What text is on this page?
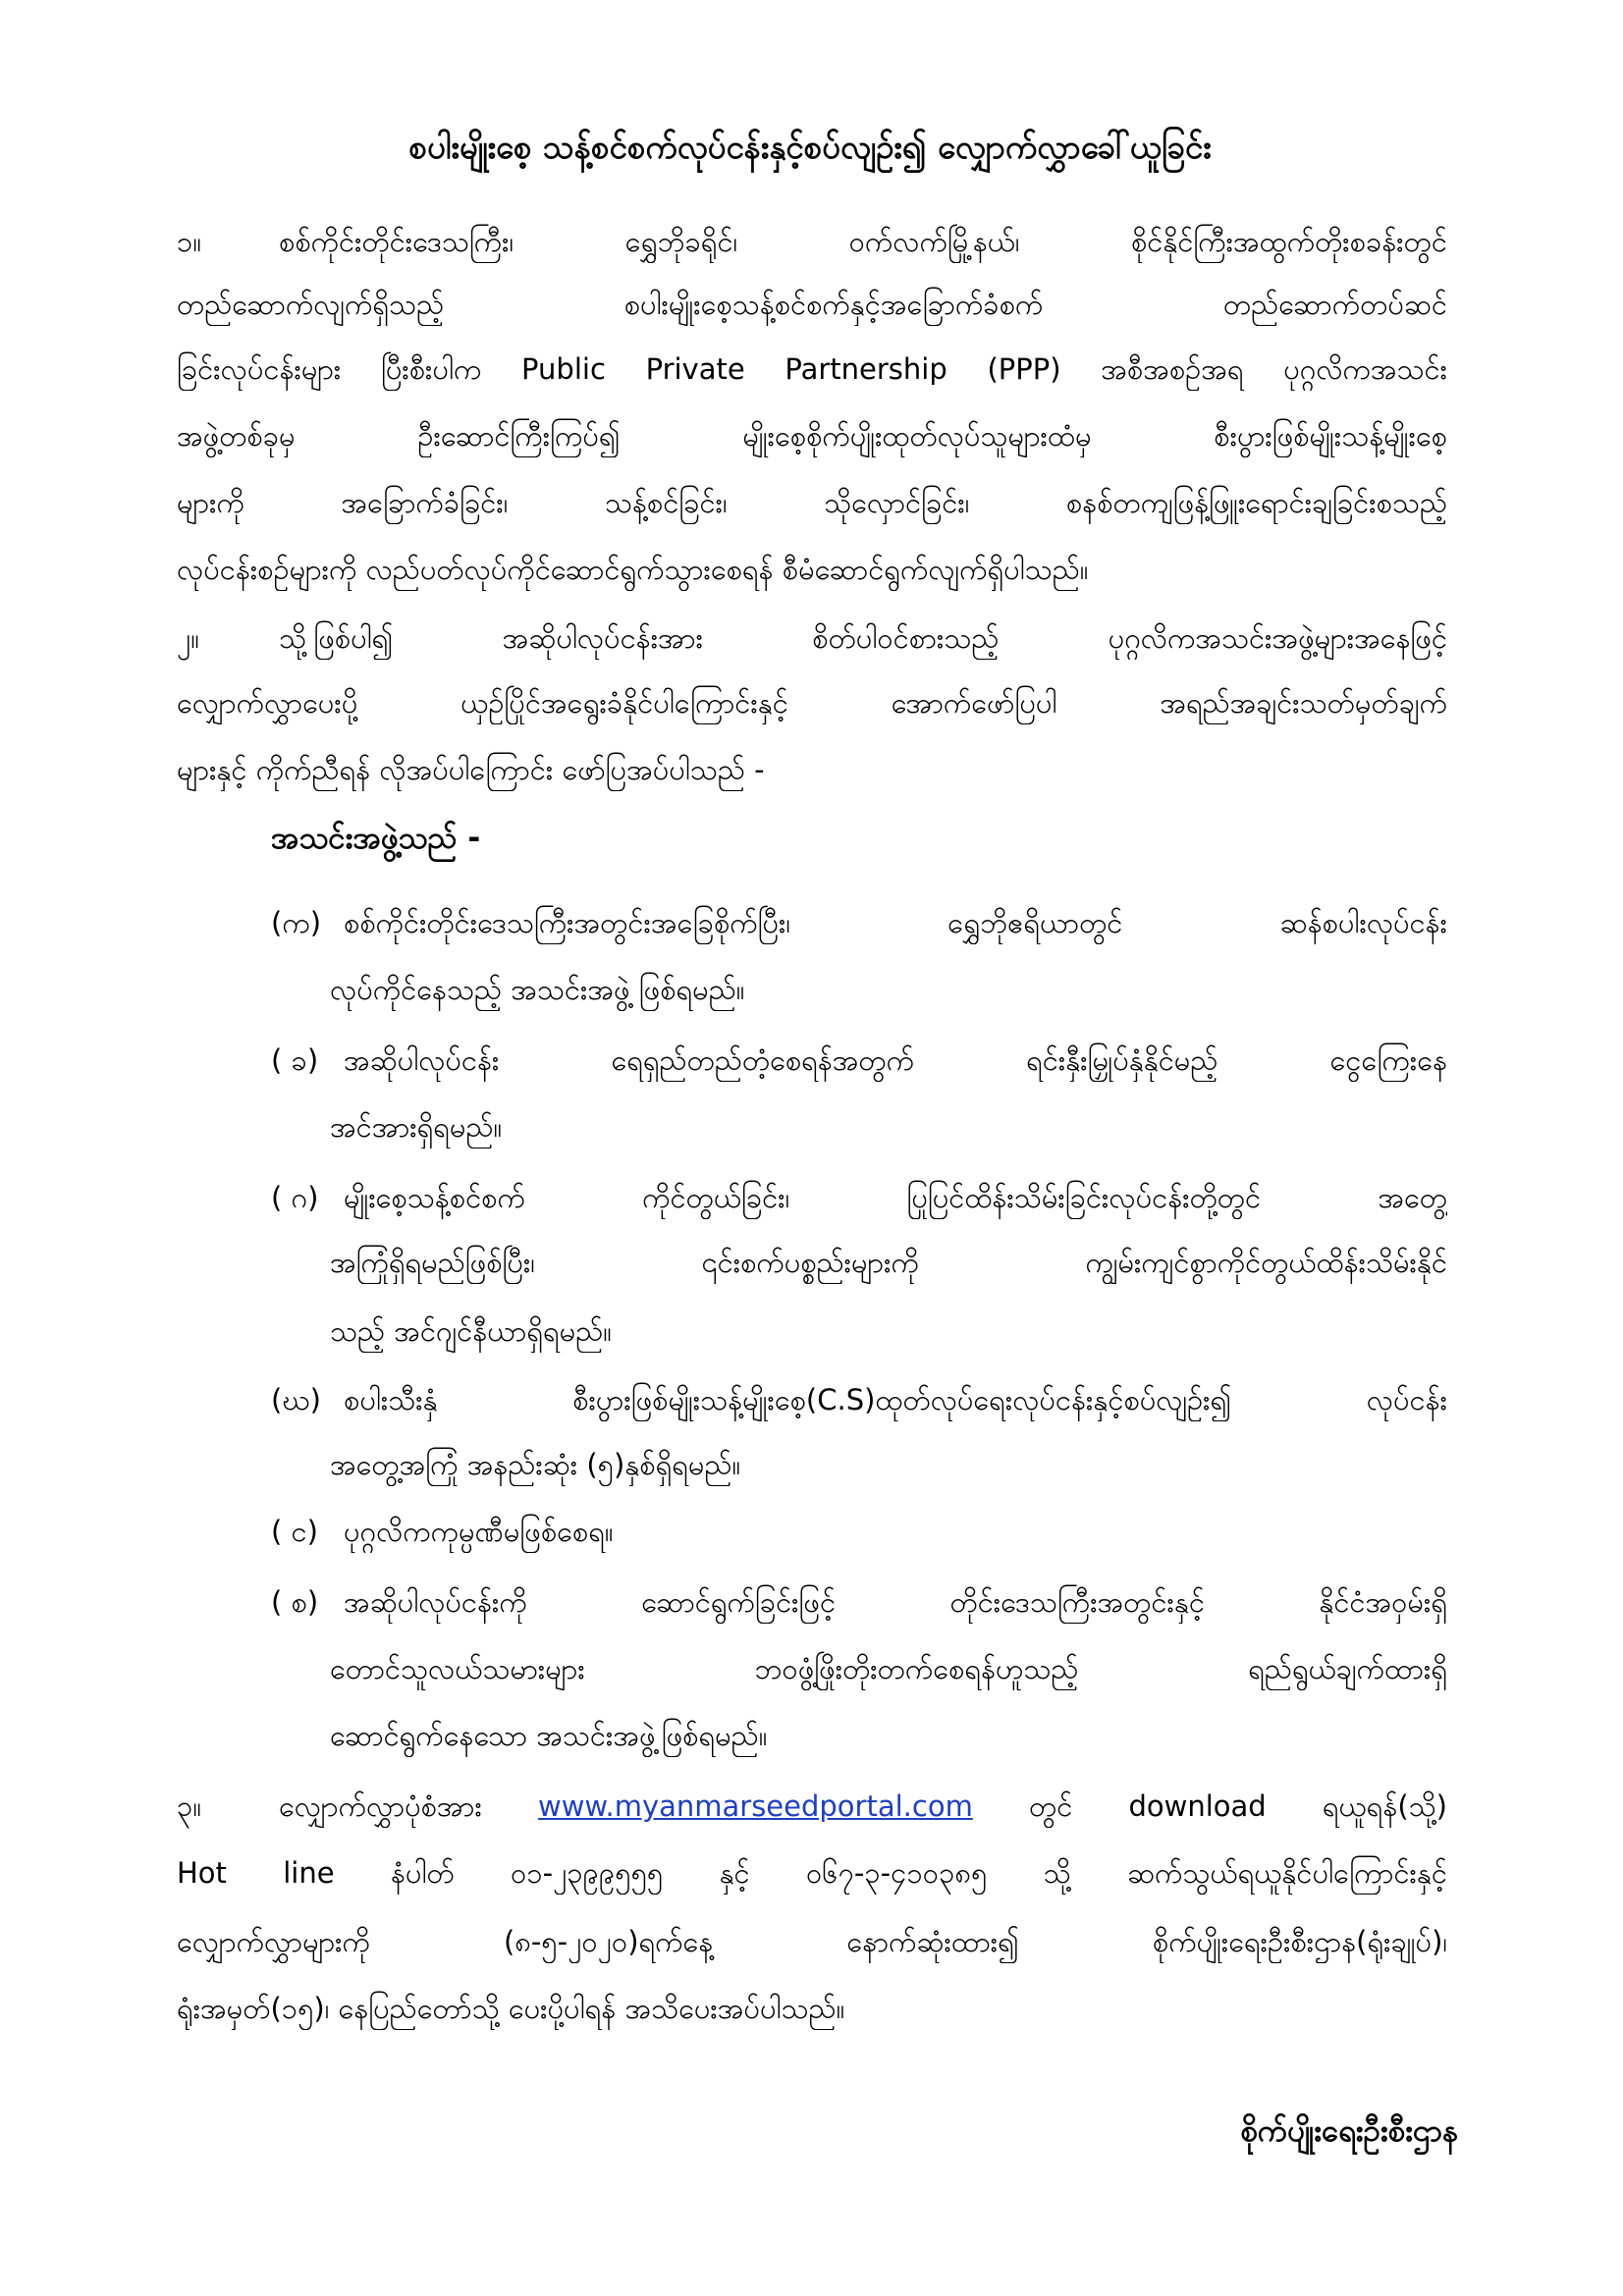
စပါးမျိုးစေ့ သန့်စင်စက်လုပ်ငန်းနှင့်စပ်လျဉ်း၍ လျှောက်လွှာခေါ်ယူခြင်း
၁။	စစ်ကိုင်းတိုင်းဒေသကြီး၊ ရွှေဘိုခရိုင်၊ ဝက်လက်မြို့နယ်၊ စိုင်နိုင်ကြီးအထွက်တိုးစခန်းတွင်
တည်ဆောက်လျက်ရှိသည့် စပါးမျိုးစေ့သန့်စင်စက်နှင့်အခြောက်ခံစက် တည်ဆောက်တပ်ဆင်
ခြင်းလုပ်ငန်းများ ပြီးစီးပါက Public Private Partnership (PPP) အစီအစဉ်အရ ပုဂ္ဂလိကအသင်း
အဖွဲ့တစ်ခုမှ ဦးဆောင်ကြီးကြပ်၍ မျိုးစေ့စိုက်ပျိုးထုတ်လုပ်သူများထံမှ စီးပွားဖြစ်မျိုးသန့်မျိုးစေ့
များကို အခြောက်ခံခြင်း၊ သန့်စင်ခြင်း၊ သိုလှောင်ခြင်း၊ စနစ်တကျဖြန့်ဖြူးရောင်းချခြင်းစသည့်
လုပ်ငန်းစဉ်များကို လည်ပတ်လုပ်ကိုင်ဆောင်ရွက်သွားစေရန် စီမံဆောင်ရွက်လျက်ရှိပါသည်။
၂။	သို့ဖြစ်ပါ၍ အဆိုပါလုပ်ငန်းအား စိတ်ပါဝင်စားသည့် ပုဂ္ဂလိကအသင်းအဖွဲ့များအနေဖြင့်
လျှောက်လွှာပေးပို့ ယှဉ်ပြိုင်အရွေးခံနိုင်ပါကြောင်းနှင့် အောက်ဖော်ပြပါ အရည်အချင်းသတ်မှတ်ချက်
များနှင့် ကိုက်ညီရန် လိုအပ်ပါကြောင်း ဖော်ပြအပ်ပါသည် -
အသင်းအဖွဲ့သည် -
(က) စစ်ကိုင်းတိုင်းဒေသကြီးအတွင်းအခြေစိုက်ပြီး၊ ရွှေဘိုဧရိယာတွင် ဆန်စပါးလုပ်ငန်း
လုပ်ကိုင်နေသည့် အသင်းအဖွဲ့ ဖြစ်ရမည်။
( ခ) အဆိုပါလုပ်ငန်း ရေရှည်တည်တံ့စေရန်အတွက် ရင်းနှီးမြှုပ်နှံနိုင်မည့် ငွေကြေးနေ
အင်အားရှိရမည်။
( ဂ) မျိုးစေ့သန့်စင်စက် ကိုင်တွယ်ခြင်း၊ ပြုပြင်ထိန်းသိမ်းခြင်းလုပ်ငန်းတို့တွင် အတွေ့
အကြုံရှိရမည်ဖြစ်ပြီး၊ ၎င်းစက်ပစ္စည်းများကို ကျွမ်းကျင်စွာကိုင်တွယ်ထိန်းသိမ်းနိုင်
သည့် အင်ဂျင်နီယာရှိရမည်။
(ဃ) စပါးသီးနှံ စီးပွားဖြစ်မျိုးသန့်မျိုးစေ့(C.S)ထုတ်လုပ်ရေးလုပ်ငန်းနှင့်စပ်လျဉ်း၍ လုပ်ငန်း
အတွေ့အကြုံ အနည်းဆုံး (၅)နှစ်ရှိရမည်။
( င) ပုဂ္ဂလိကကုမ္ပဏီမဖြစ်စေရ။
( စ) အဆိုပါလုပ်ငန်းကို ဆောင်ရွက်ခြင်းဖြင့် တိုင်းဒေသကြီးအတွင်းနှင့် နိုင်ငံအဝှမ်းရှိ
တောင်သူလယ်သမားများ ဘဝဖွံ့ဖြိုးတိုးတက်စေရန်ဟူသည့် ရည်ရွယ်ချက်ထားရှိ
ဆောင်ရွက်နေသော အသင်းအဖွဲ့ဖြစ်ရမည်။
၃။	လျှောက်လွှာပုံစံအား www.myanmarseedportal.com တွင် download ရယူရန်(သို့)
Hot line နံပါတ် ၀၁-၂၃၉၉၅၅၅ နှင့် ၀၆၇-၃-၄၁၀၃၈၅ သို့ ဆက်သွယ်ရယူနိုင်ပါကြောင်းနှင့်
လျှောက်လွှာများကို (၈-၅-၂၀၂၀)ရက်နေ့ နောက်ဆုံးထား၍ စိုက်ပျိုးရေးဦးစီးဌာန(ရုံးချုပ်)၊
ရုံးအမှတ်(၁၅)၊ နေပြည်တော်သို့ ပေးပို့ပါရန် အသိပေးအပ်ပါသည်။
စိုက်ပျိုးရေးဦးစီးဌာန
